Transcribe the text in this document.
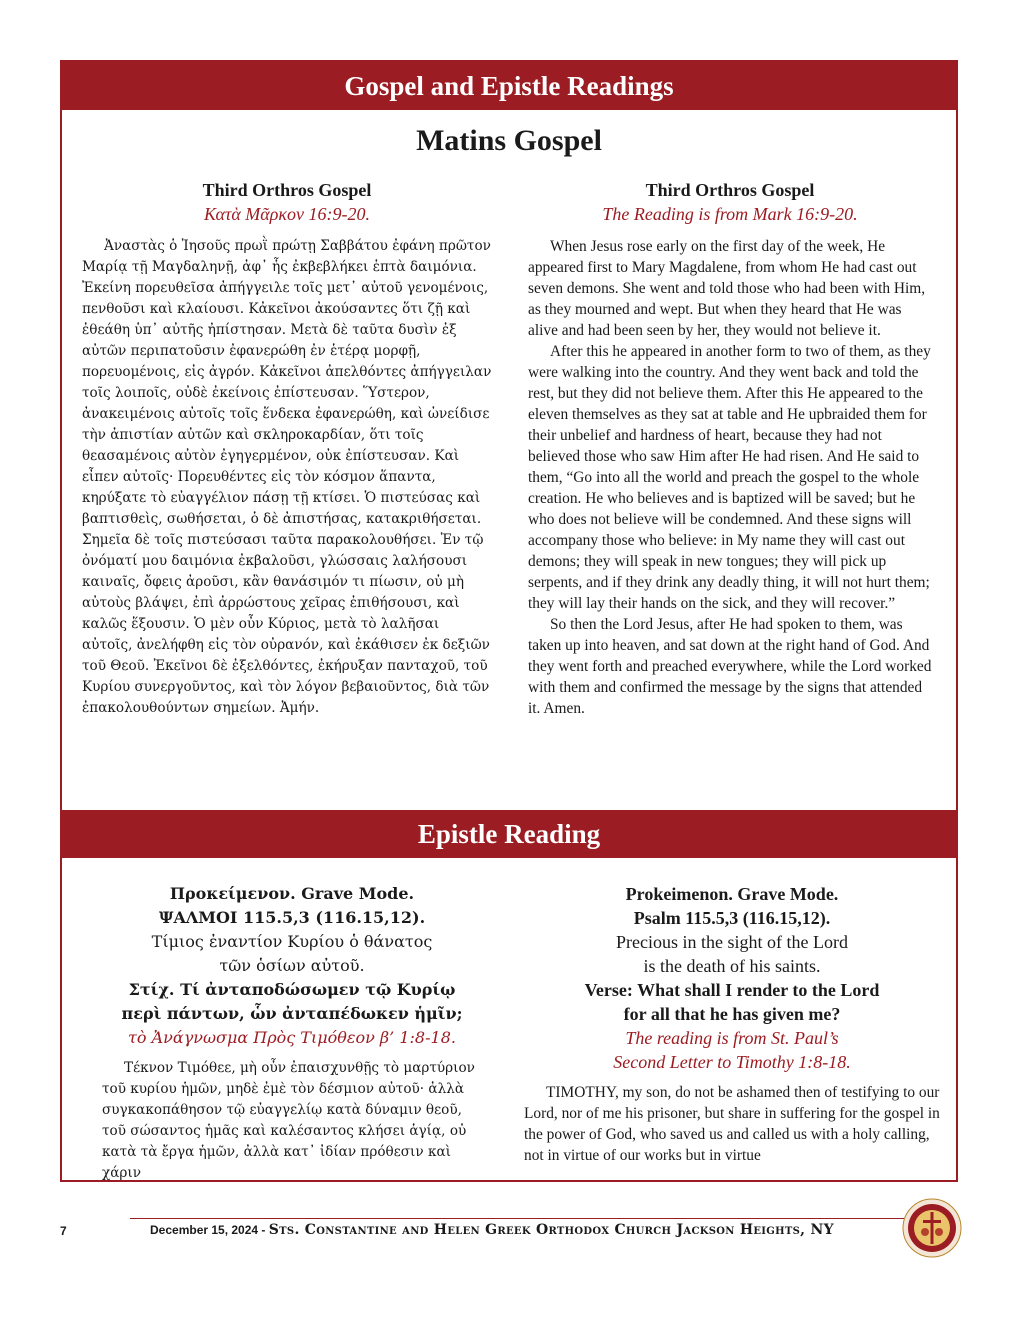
Gospel and Epistle Readings
Matins Gospel
Third Orthros Gospel
Κατὰ Μᾶρκον 16:9-20.

Ἀναστὰς ὁ Ἰησοῦς πρωῒ πρώτῃ Σαββάτου ἐφάνη πρῶτον Μαρίᾳ τῇ Μαγδαληνῇ, ἀφ᾽ ἧς ἐκβεβλήκει ἑπτὰ δαιμόνια. Ἐκείνη πορευθεῖσα ἀπήγγειλε τοῖς μετ᾽ αὐτοῦ γενομένοις, πενθοῦσι καὶ κλαίουσι. Κἀκεῖνοι ἀκούσαντες ὅτι ζῇ καὶ ἐθεάθη ὑπ᾽ αὐτῆς ἠπίστησαν. Μετὰ δὲ ταῦτα δυσὶν ἐξ αὐτῶν περιπατοῦσιν ἐφανερώθη ἐν ἑτέρᾳ μορφῇ, πορευομένοις, εἰς ἀγρόν. Κἀκεῖνοι ἀπελθόντες ἀπήγγειλαν τοῖς λοιποῖς, οὐδὲ ἐκείνοις ἐπίστευσαν. Ὕστερον, ἀνακειμένοις αὐτοῖς τοῖς ἕνδεκα ἐφανερώθη, καὶ ὠνείδισε τὴν ἀπιστίαν αὐτῶν καὶ σκληροκαρδίαν, ὅτι τοῖς θεασαμένοις αὐτὸν ἐγηγερμένον, οὐκ ἐπίστευσαν. Καὶ εἶπεν αὐτοῖς· Πορευθέντες εἰς τὸν κόσμον ἅπαντα, κηρύξατε τὸ εὐαγγέλιον πάσῃ τῇ κτίσει. Ὁ πιστεύσας καὶ βαπτισθεὶς, σωθήσεται, ὁ δὲ ἀπιστήσας, κατακριθήσεται. Σημεῖα δὲ τοῖς πιστεύσασι ταῦτα παρακολουθήσει. Ἐν τῷ ὀνόματί μου δαιμόνια ἐκβαλοῦσι, γλώσσαις λαλήσουσι καιναῖς, ὄφεις ἀροῦσι, κἂν θανάσιμόν τι πίωσιν, οὐ μὴ αὐτοὺς βλάψει, ἐπὶ ἀρρώστους χεῖρας ἐπιθήσουσι, καὶ καλῶς ἕξουσιν. Ὁ μὲν οὖν Κύριος, μετὰ τὸ λαλῆσαι αὐτοῖς, ἀνελήφθη εἰς τὸν οὐρανόν, καὶ ἐκάθισεν ἐκ δεξιῶν τοῦ Θεοῦ. Ἐκεῖνοι δὲ ἐξελθόντες, ἐκήρυξαν πανταχοῦ, τοῦ Κυρίου συνεργοῦντος, καὶ τὸν λόγον βεβαιοῦντος, διὰ τῶν ἐπακολουθούντων σημείων. Ἀμήν.

Third Orthros Gospel
The Reading is from Mark 16:9-20.

When Jesus rose early on the first day of the week, He appeared first to Mary Magdalene, from whom He had cast out seven demons. She went and told those who had been with Him, as they mourned and wept. But when they heard that He was alive and had been seen by her, they would not believe it.

After this he appeared in another form to two of them, as they were walking into the country. And they went back and told the rest, but they did not believe them. After this He appeared to the eleven themselves as they sat at table and He upbraided them for their unbelief and hardness of heart, because they had not believed those who saw Him after He had risen. And He said to them, “Go into all the world and preach the gospel to the whole creation. He who believes and is baptized will be saved; but he who does not believe will be condemned. And these signs will accompany those who believe: in My name they will cast out demons; they will speak in new tongues; they will pick up serpents, and if they drink any deadly thing, it will not hurt them; they will lay their hands on the sick, and they will recover.”

So then the Lord Jesus, after He had spoken to them, was taken up into heaven, and sat down at the right hand of God. And they went forth and preached everywhere, while the Lord worked with them and confirmed the message by the signs that attended it. Amen.

Epistle Reading
Προκείμενον. Grave Mode.
ΨΑΛΜΟΙ 115.5,3 (116.15,12).
Τίμιος ἐναντίον Κυρίου ὁ θάνατος
τῶν ὁσίων αὐτοῦ.
Στίχ. Τί ἀνταποδώσωμεν τῷ Κυρίῳ
περὶ πάντων, ὧν ἀνταπέδωκεν ἡμῖν;
τὸ Ἀνάγνωσμα Πρὸς Τιμόθεον β’ 1:8-18.

Τέκνον Τιμόθεε, μὴ οὖν ἐπαισχυνθῇς τὸ μαρτύριον τοῦ κυρίου ἡμῶν, μηδὲ ἐμὲ τὸν δέσμιον αὐτοῦ· ἀλλὰ συγκακοπάθησον τῷ εὐαγγελίῳ κατὰ δύναμιν θεοῦ, τοῦ σώσαντος ἡμᾶς καὶ καλέσαντος κλήσει ἁγίᾳ, οὐ κατὰ τὰ ἔργα ἡμῶν, ἀλλὰ κατ᾽ ἰδίαν πρόθεσιν καὶ χάριν

Prokeimenon. Grave Mode.
Psalm 115.5,3 (116.15,12).
Precious in the sight of the Lord
is the death of his saints.
Verse: What shall I render to the Lord
for all that he has given me?
The reading is from St. Paul’s
Second Letter to Timothy 1:8-18.

TIMOTHY, my son, do not be ashamed then of testifying to our Lord, nor of me his prisoner, but share in suffering for the gospel in the power of God, who saved us and called us with a holy calling, not in virtue of our works but in virtue

7	December 15, 2024 - Sts. Constantine and Helen Greek Orthodox Church Jackson Heights, NY
